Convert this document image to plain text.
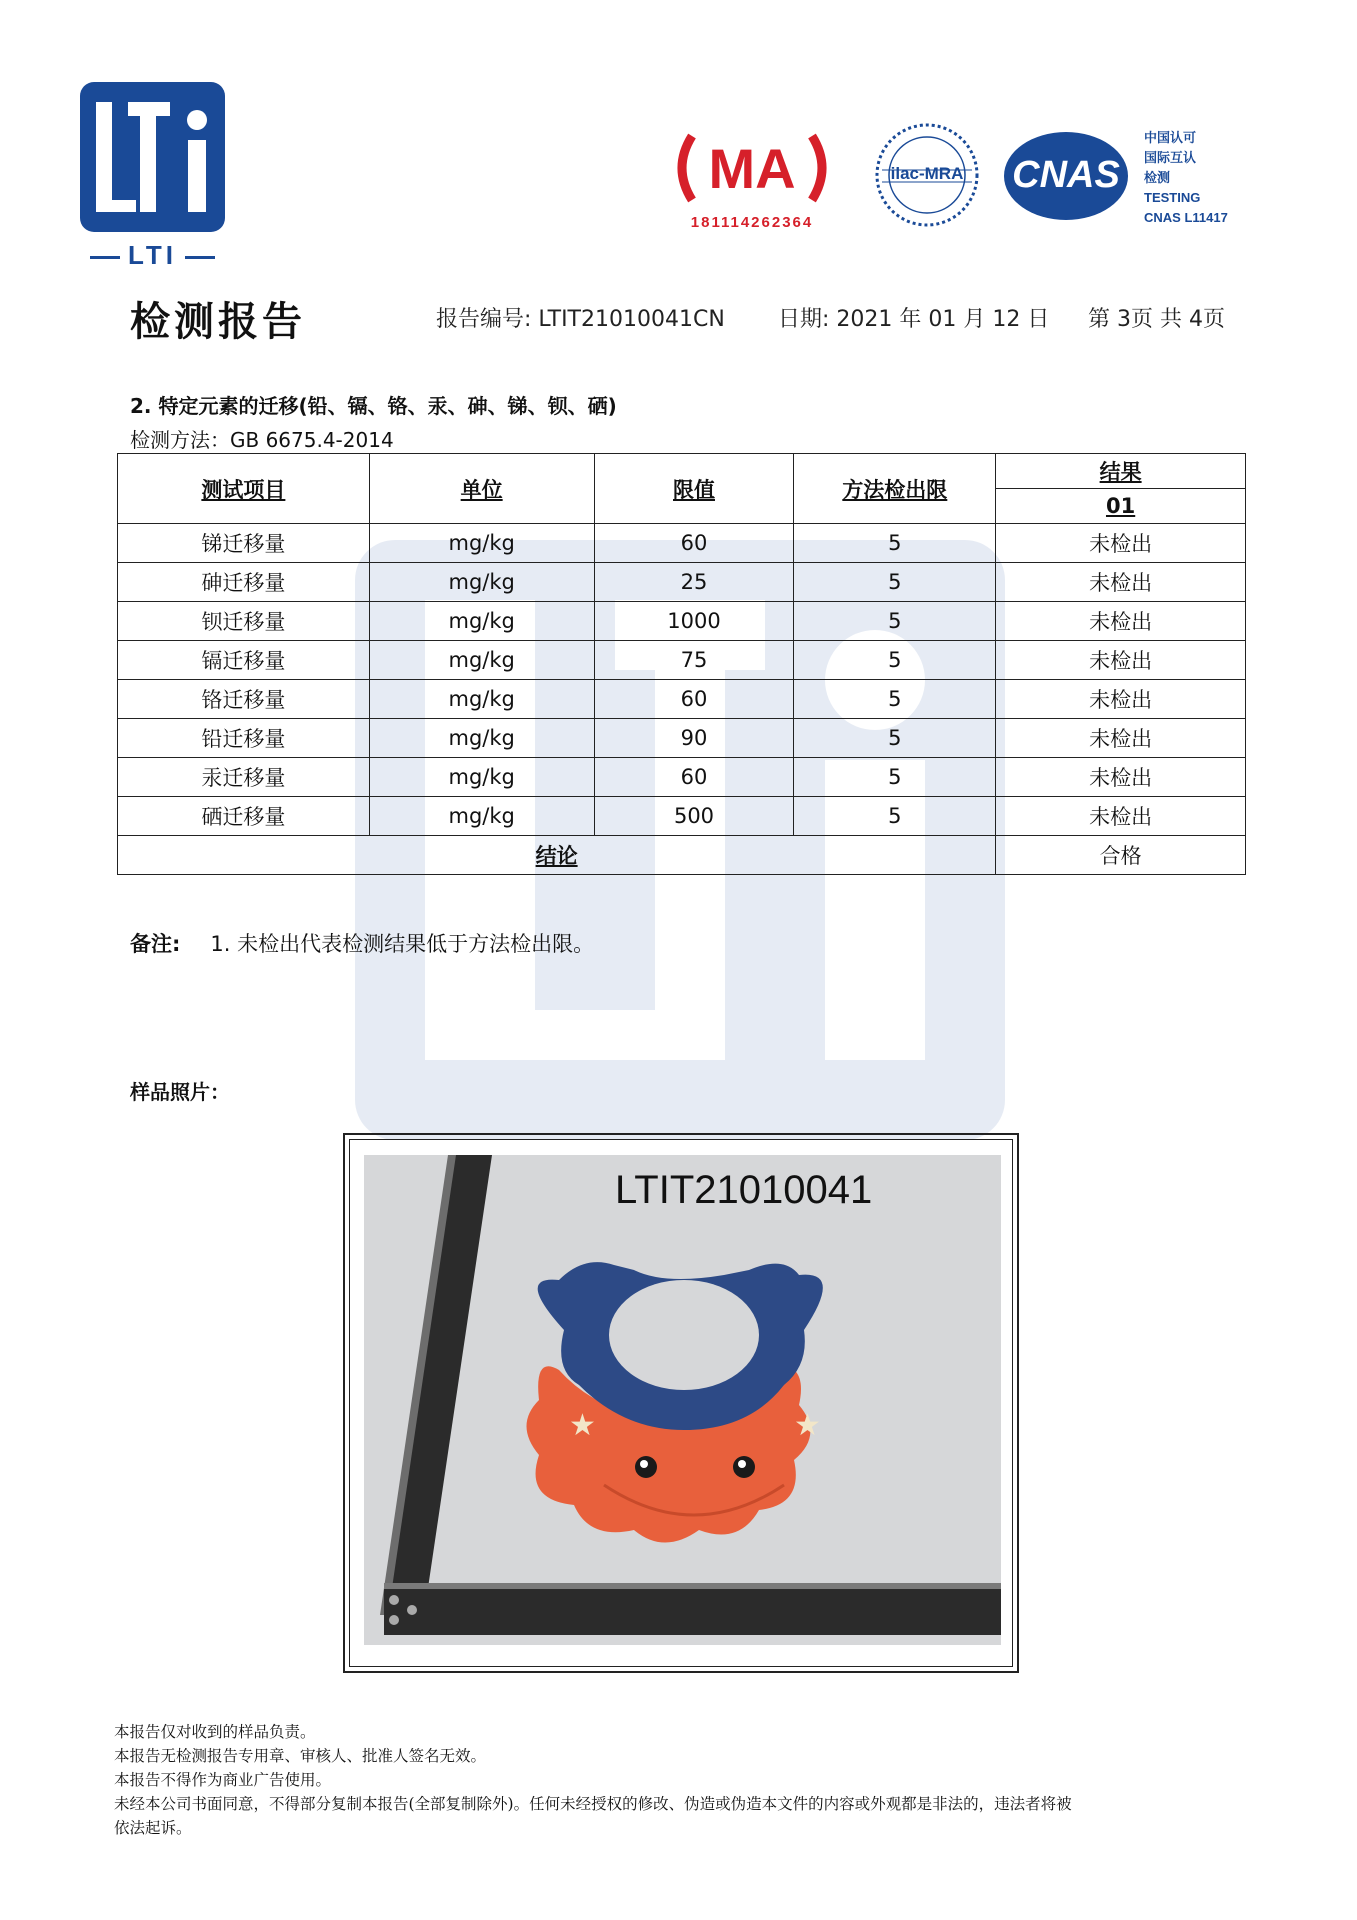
LTI
MA
181114262364
ilac-MRA	CNAS
中国认可
国际互认
检测
TESTING
CNAS L11417
检测报告	报告编号: LTIT21010041CN 日期: 2021 年 01 月 12 日 第 3页 共 4页
2. 特定元素的迁移(铅、镉、铬、汞、砷、锑、钡、硒)
检测方法：GB 6675.4-2014
测试项目	单位	限值	方法检出限	结果
				01
锑迁移量	mg/kg	60	5	未检出
砷迁移量	mg/kg	25	5	未检出
钡迁移量	mg/kg	1000	5	未检出
镉迁移量	mg/kg	75	5	未检出
铬迁移量	mg/kg	60	5	未检出
铅迁移量	mg/kg	90	5	未检出
汞迁移量	mg/kg	60	5	未检出
硒迁移量	mg/kg	500	5	未检出
结论				合格
备注: 1. 未检出代表检测结果低于方法检出限。
样品照片：
★	★
LTIT21010041
本报告仅对收到的样品负责。
本报告无检测报告专用章、审核人、批准人签名无效。
本报告不得作为商业广告使用。
未经本公司书面同意，不得部分复制本报告(全部复制除外)。任何未经授权的修改、伪造或伪造本文件的内容或外观都是非法的，违法者将被
依法起诉。
